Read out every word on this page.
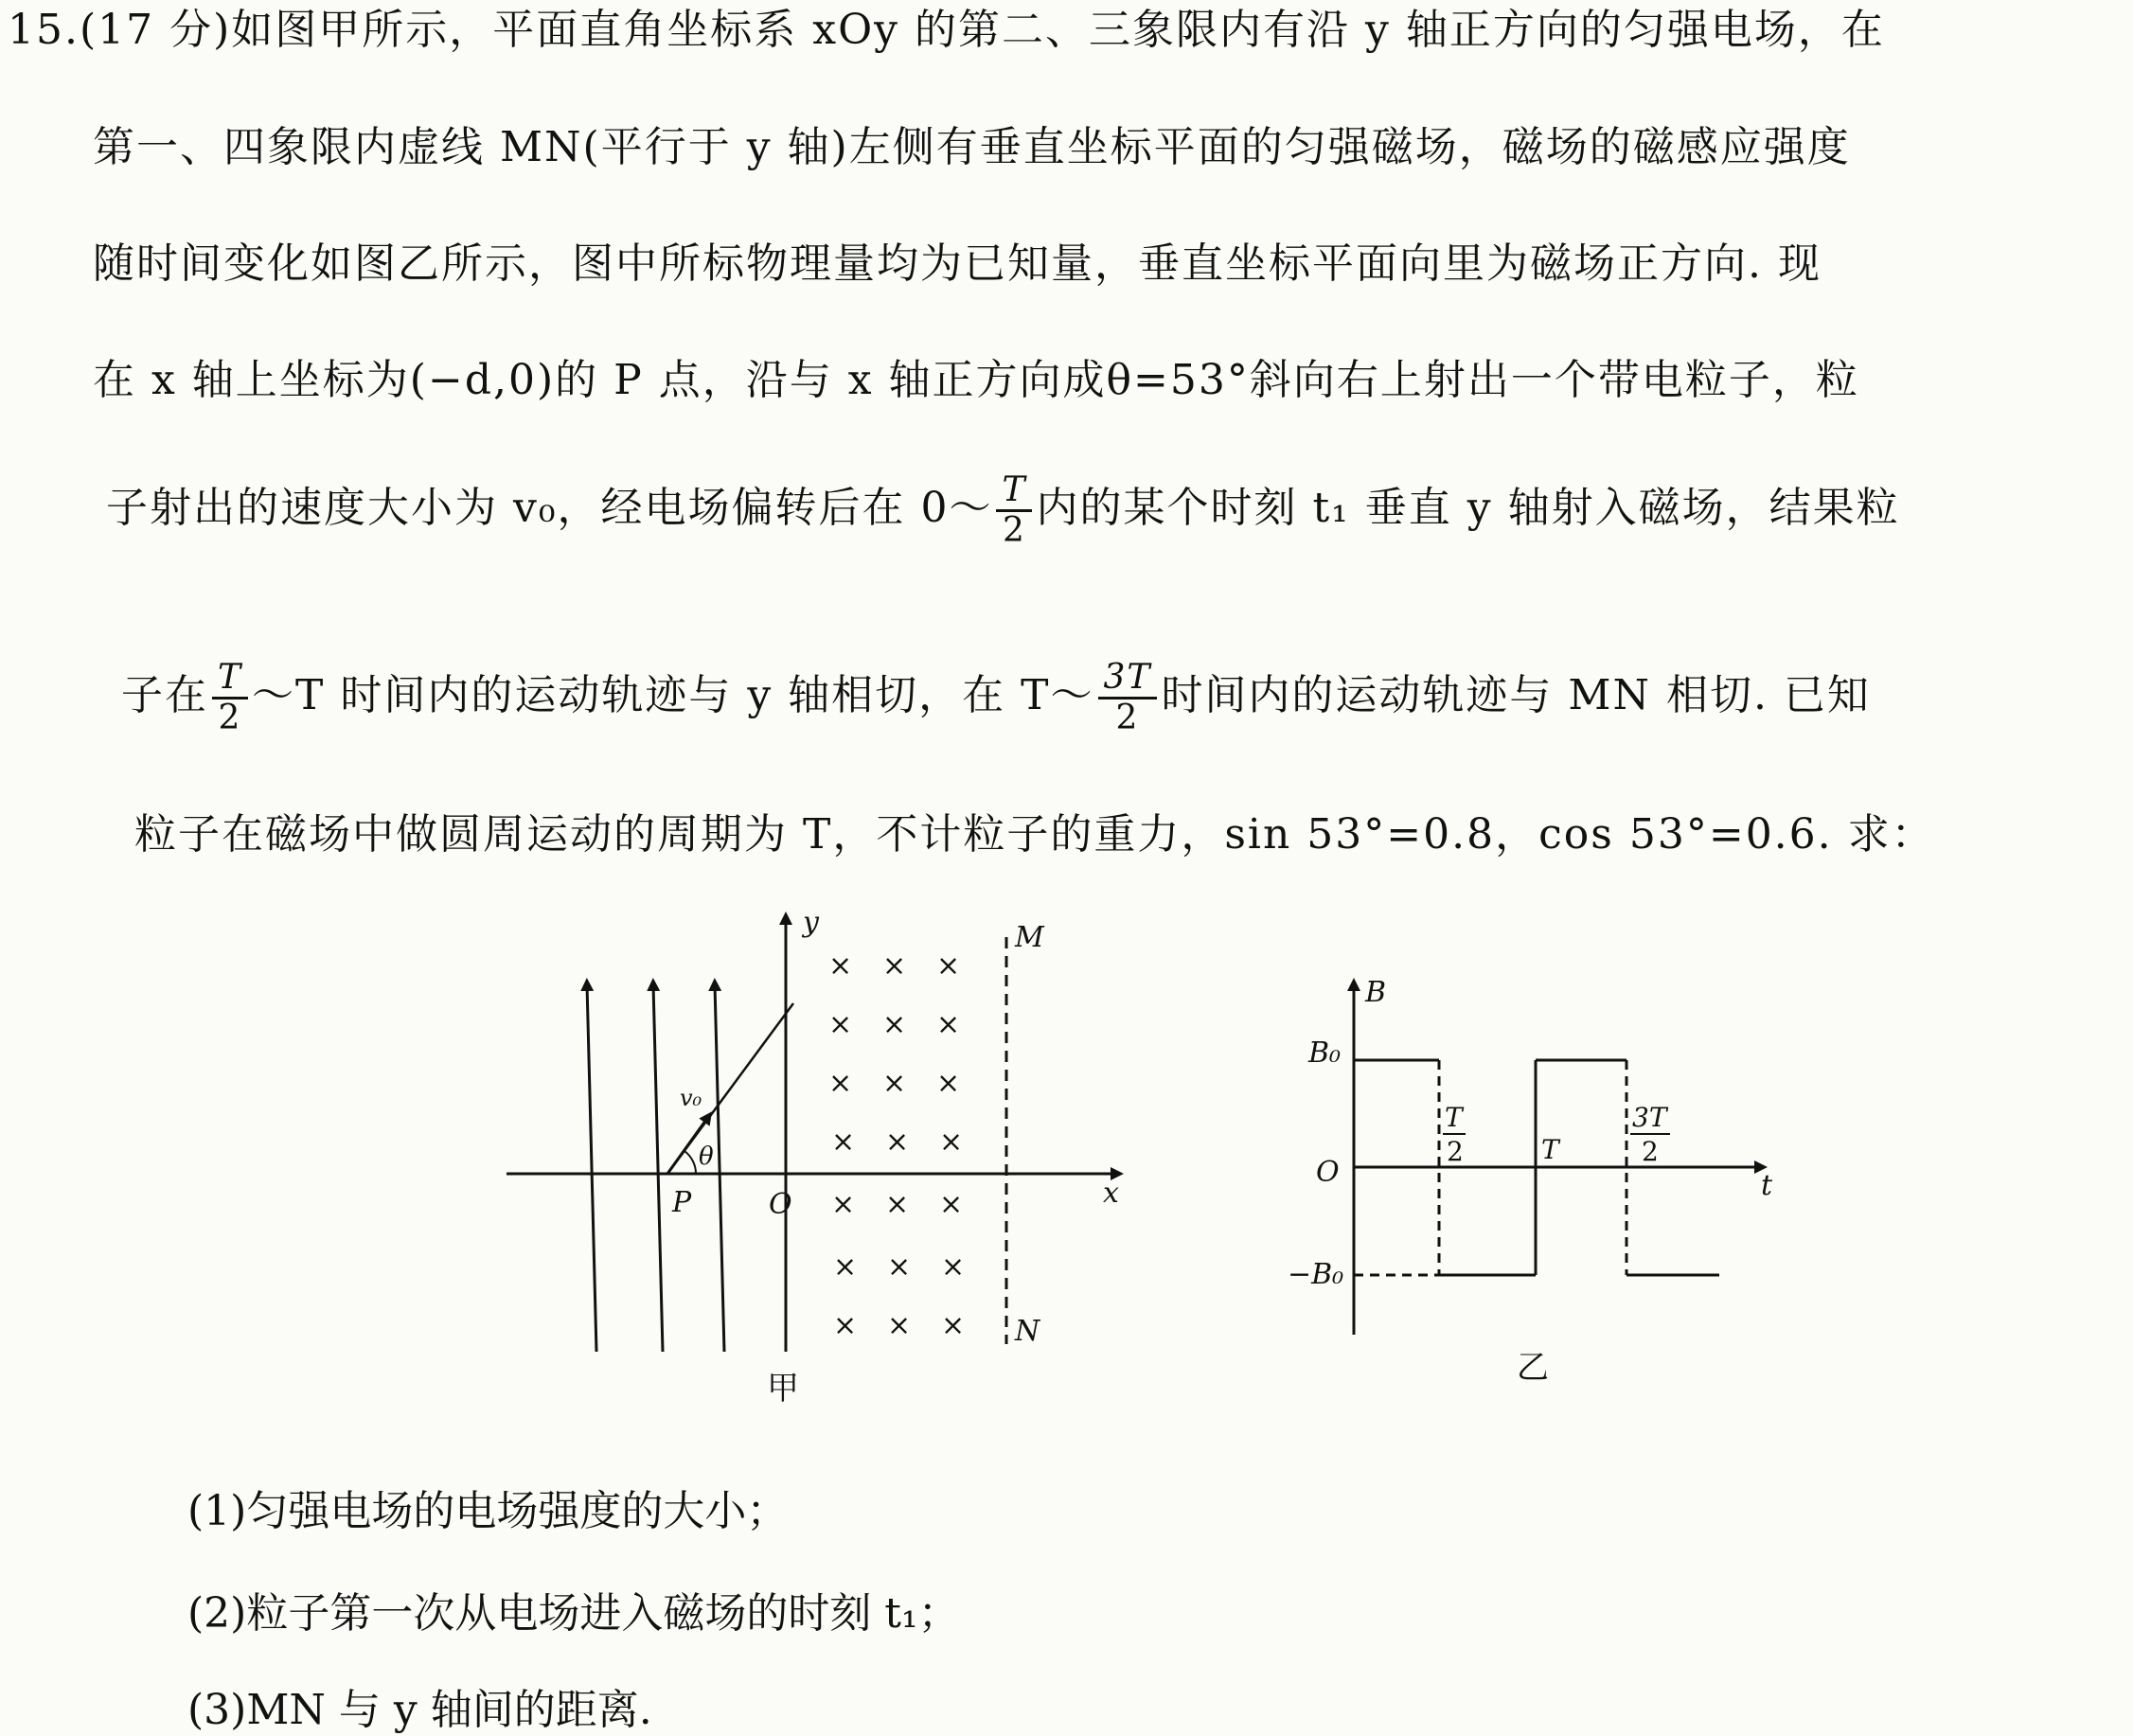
15.(17 分)如图甲所示，平面直角坐标系 xOy 的第二、三象限内有沿 y 轴正方向的匀强电场，在
第一、四象限内虚线 MN(平行于 y 轴)左侧有垂直坐标平面的匀强磁场，磁场的磁感应强度
随时间变化如图乙所示，图中所标物理量均为已知量，垂直坐标平面向里为磁场正方向. 现
在 x 轴上坐标为(−d,0)的 P 点，沿与 x 轴正方向成θ=53°斜向右上射出一个带电粒子，粒
子射出的速度大小为 v₀，经电场偏转后在 0～ $\frac{T}{2}$ 内的某个时刻 t₁ 垂直 y 轴射入磁场，结果粒
子在 $\frac{T}{2}$ ～T 时间内的运动轨迹与 y 轴相切，在 T～ $\frac{3T}{2}$ 时间内的运动轨迹与 MN 相切. 已知
粒子在磁场中做圆周运动的周期为 T，不计粒子的重力，sin 53°=0.8，cos 53°=0.6. 求：
x
y
v₀
θ
P	O
× × ×
× × ×
× × ×
× × ×
× × ×
× × ×
× × ×
M
N
甲
B
t
O
B₀
−B₀
T
2	T
3T
2
乙
(1)匀强电场的电场强度的大小；
(2)粒子第一次从电场进入磁场的时刻 t₁；
(3)MN 与 y 轴间的距离.
